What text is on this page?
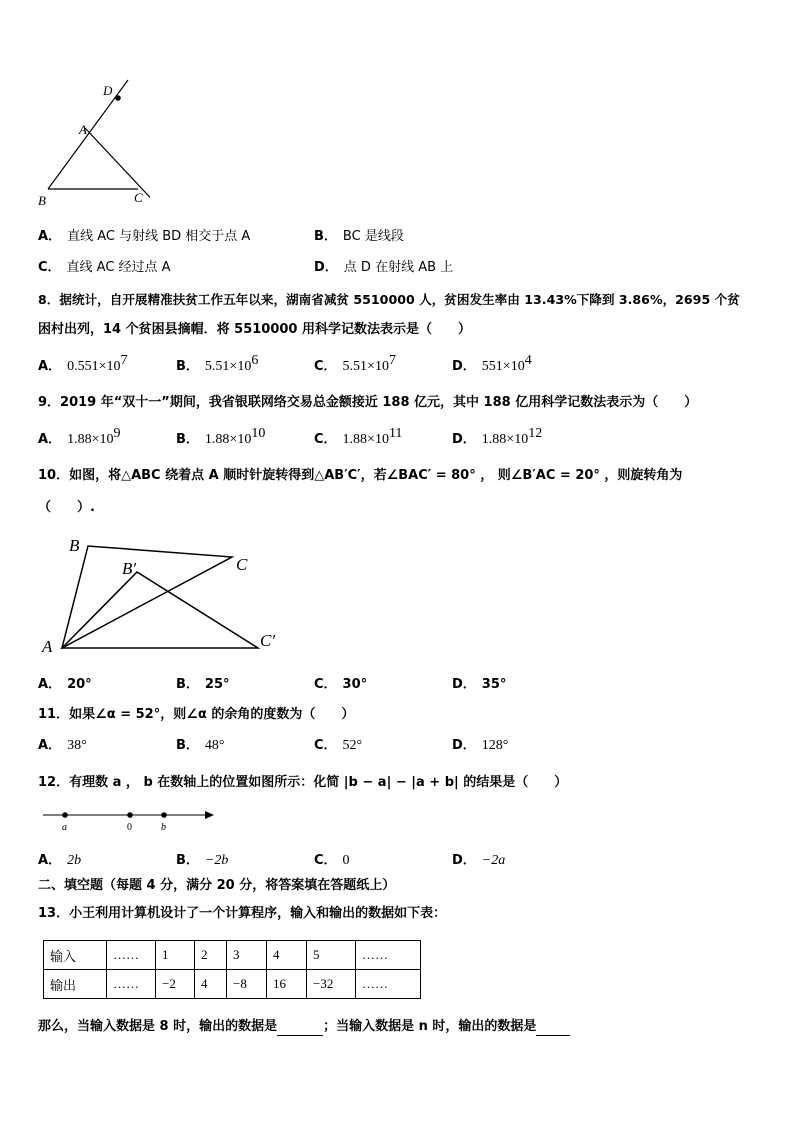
D
A
B	C
A． 直线 AC 与射线 BD 相交于点 A	B． BC 是线段
C． 直线 AC 经过点 A	D． 点 D 在射线 AB 上
8．据统计，自开展精准扶贫工作五年以来，湖南省减贫 5510000 人，贫困发生率由 13.43%下降到 3.86%，2695 个贫
困村出列，14 个贫困县摘帽．将 5510000 用科学记数法表示是（　　）
A． $0.551\times 10^7$	B． $5.51\times 10^6$	C． $5.51\times 10^7$	D． $551\times 10^4$
9．2019 年“双十一”期间，我省银联网络交易总金额接近 188 亿元，其中 188 亿用科学记数法表示为（　　）
A． $1.88\times 10^9$	B． $1.88\times 10^{10}$	C． $1.88\times 10^{11}$	D． $1.88\times 10^{12}$
10．如图，将△ABC 绕着点 A 顺时针旋转得到△AB′C′，若∠BAC′ = 80° ， 则∠B′AC = 20° ，则旋转角为
（　　）.
B
B′	C
A	C′
A． 20°	B． 25°	C． 30°	D． 35°
11．如果∠α = 52°，则∠α 的余角的度数为（　　）
A． 38°	B． 48°	C． 52°	D． 128°
12．有理数 a ， b 在数轴上的位置如图所示：化简 |b − a| − |a + b| 的结果是（　　）
a	0	b
A． 2b	B． −2b	C． 0	D． −2a
二、填空题（每题 4 分，满分 20 分，将答案填在答题纸上）
13．小王利用计算机设计了一个计算程序，输入和输出的数据如下表：
输入	……	1	2	3	4	5	……
输出	……	−2	4	−8	16	−32	……
那么，当输入数据是 8 时，输出的数据是	；当输入数据是 n 时，输出的数据是
